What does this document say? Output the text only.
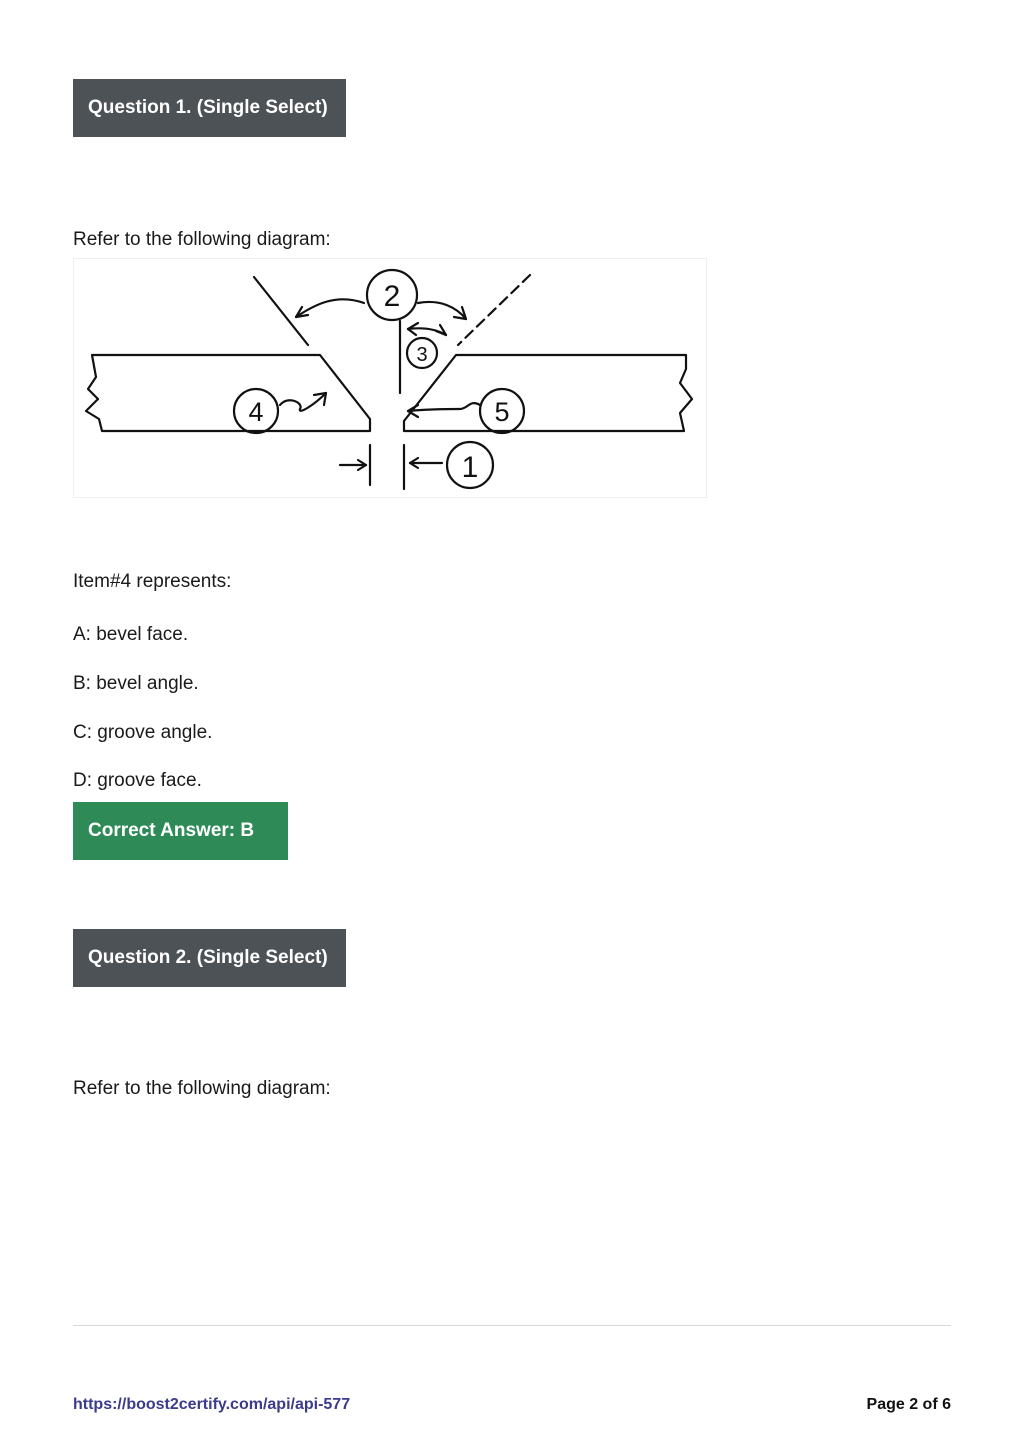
Question 1. (Single Select)
Refer to the following diagram:
1
2
3
4	5
Item#4 represents:
A: bevel face.
B: bevel angle.
C: groove angle.
D: groove face.
Correct Answer: B
Question 2. (Single Select)
Refer to the following diagram:
https://boost2certify.com/api/api-577	Page 2 of 6
